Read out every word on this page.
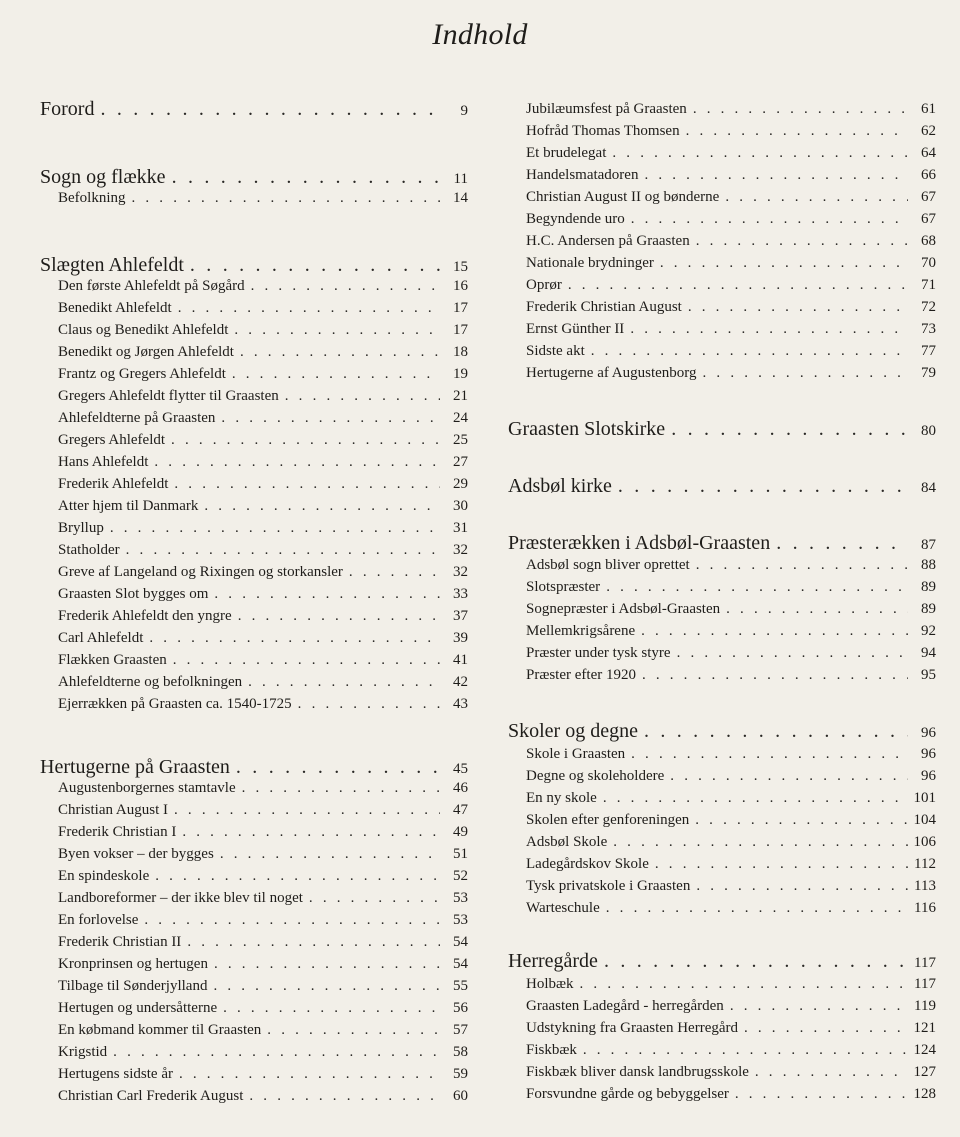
Indhold
Forord . . .	9
Sogn og flække . . .	11
Befolkning . . .	14
Slægten Ahlefeldt . . .	15
Den første Ahlefeldt på Søgård . . .	16
Benedikt Ahlefeldt . . .	17
Claus og Benedikt Ahlefeldt . . .	17
Benedikt og Jørgen Ahlefeldt . . .	18
Frantz og Gregers Ahlefeldt . . .	19
Gregers Ahlefeldt flytter til Graasten . . .	21
Ahlefeldterne på Graasten . . .	24
Gregers Ahlefeldt . . .	25
Hans Ahlefeldt . . .	27
Frederik Ahlefeldt . . .	29
Atter hjem til Danmark . . .	30
Bryllup . . .	31
Statholder . . .	32
Greve af Langeland og Rixingen og storkansler . . .	32
Graasten Slot bygges om . . .	33
Frederik Ahlefeldt den yngre . . .	37
Carl Ahlefeldt . . .	39
Flækken Graasten . . .	41
Ahlefeldterne og befolkningen . . .	42
Ejerrækken på Graasten ca. 1540-1725 . . .	43
Hertugerne på Graasten . . .	45
Augustenborgernes stamtavle . . .	46
Christian August I . . .	47
Frederik Christian I . . .	49
Byen vokser – der bygges . . .	51
En spindeskole . . .	52
Landboreformer – der ikke blev til noget . . .	53
En forlovelse . . .	53
Frederik Christian II . . .	54
Kronprinsen og hertugen . . .	54
Tilbage til Sønderjylland . . .	55
Hertugen og undersåtterne . . .	56
En købmand kommer til Graasten . . .	57
Krigstid . . .	58
Hertugens sidste år . . .	59
Christian Carl Frederik August . . .	60
Jubilæumsfest på Graasten . . .	61
Hofråd Thomas Thomsen . . .	62
Et brudelegat . . .	64
Handelsmatadoren . . .	66
Christian August II og bønderne . . .	67
Begyndende uro . . .	67
H.C. Andersen på Graasten . . .	68
Nationale brydninger . . .	70
Oprør . . .	71
Frederik Christian August . . .	72
Ernst Günther II . . .	73
Sidste akt . . .	77
Hertugerne af Augustenborg . . .	79
Graasten Slotskirke . . .	80
Adsbøl kirke . . .	84
Præsterækken i Adsbøl-Graasten . . .	87
Adsbøl sogn bliver oprettet . . .	88
Slotspræster . . .	89
Sognepræster i Adsbøl-Graasten . . .	89
Mellemkrigsårene . . .	92
Præster under tysk styre . . .	94
Præster efter 1920 . . .	95
Skoler og degne . . .	96
Skole i Graasten . . .	96
Degne og skoleholdere . . .	96
En ny skole . . .	101
Skolen efter genforeningen . . .	104
Adsbøl Skole . . .	106
Ladegårdskov Skole . . .	112
Tysk privatskole i Graasten . . .	113
Warteschule . . .	116
Herregårde . . .	117
Holbæk . . .	117
Graasten Ladegård - herregården . . .	119
Udstykning fra Graasten Herregård . . .	121
Fiskbæk . . .	124
Fiskbæk bliver dansk landbrugsskole . . .	127
Forsvundne gårde og bebyggelser . . .	128
